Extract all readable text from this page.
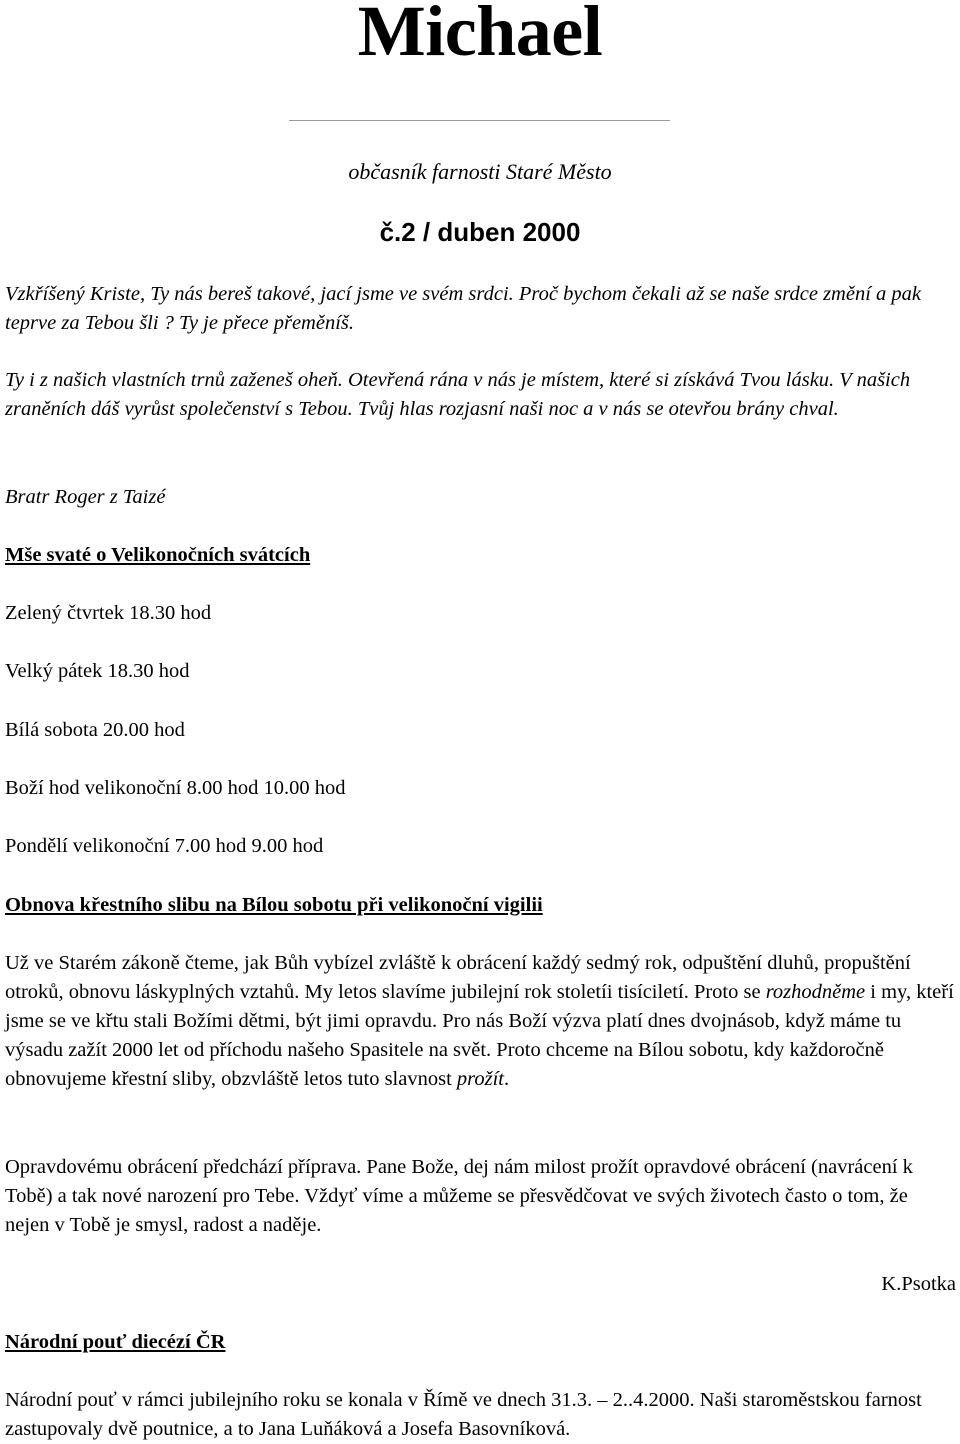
Michael
občasník farnosti Staré Město
č.2 / duben 2000

Vzkříšený Kriste, Ty nás bereš takové, jací jsme ve svém srdci. Proč bychom čekali až se naše srdce změní a pak teprve za Tebou šli ? Ty je přece přeměníš.

Ty i z našich vlastních trnů zaženeš oheň. Otevřená rána v nás je místem, které si získává Tvou lásku. V našich zraněních dáš vyrůst společenství s Tebou. Tvůj hlas rozjasní naši noc a v nás se otevřou brány chval.

Bratr Roger z Taizé

Mše svaté o Velikonočních svátcích

Zelený čtvrtek 18.30 hod

Velký pátek 18.30 hod

Bílá sobota 20.00 hod

Boží hod velikonoční 8.00 hod 10.00 hod

Pondělí velikonoční 7.00 hod 9.00 hod

Obnova křestního slibu na Bílou sobotu při velikonoční vigilii

Už ve Starém zákoně čteme, jak Bůh vybízel zvláště k obrácení každý sedmý rok, odpuštění dluhů, propuštění otroků, obnovu láskyplných vztahů. My letos slavíme jubilejní rok stoletíi tisíciletí. Proto se rozhodněme i my, kteří jsme se ve křtu stali Božími dětmi, být jimi opravdu. Pro nás Boží výzva platí dnes dvojnásob, když máme tu výsadu zažít 2000 let od příchodu našeho Spasitele na svět. Proto chceme na Bílou sobotu, kdy každoročně obnovujeme křestní sliby, obzvláště letos tuto slavnost prožít.

Opravdovému obrácení předchází příprava. Pane Bože, dej nám milost prožít opravdové obrácení (navrácení k Tobě) a tak nové narození pro Tebe. Vždyť víme a můžeme se přesvědčovat ve svých životech často o tom, že nejen v Tobě je smysl, radost a naděje.

K.Psotka

Národní pouť diecézí ČR

Národní pouť v rámci jubilejního roku se konala v Římě ve dnech 31.3. – 2..4.2000. Naši staroměstskou farnost zastupovaly dvě poutnice, a to Jana Luňáková a Josefa Basovníková.
